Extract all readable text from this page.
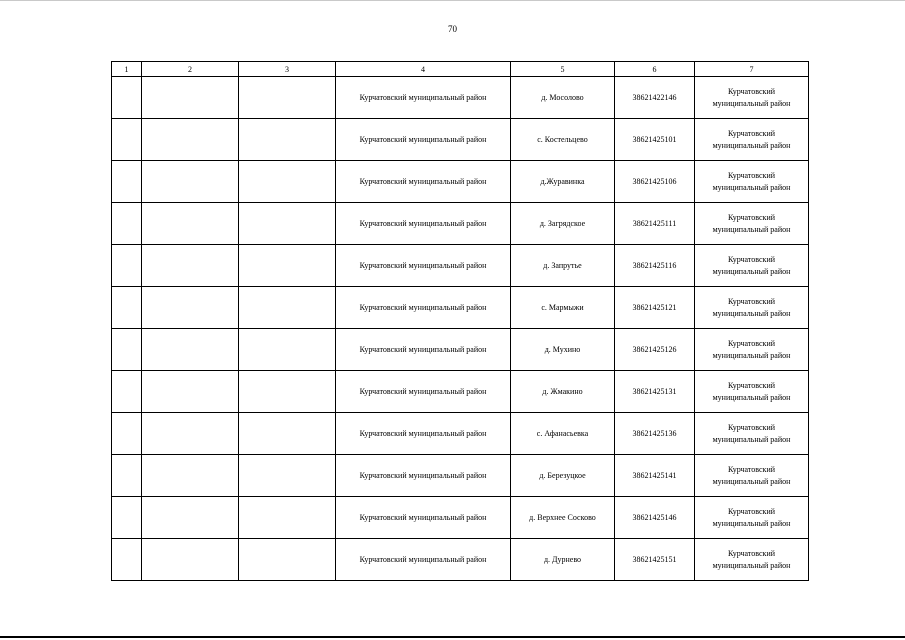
70
1	2	3	4	5	6	7
			Курчатовский муниципальный район	д. Мосолово	38621422146	Курчатовский
муниципальный район

			Курчатовский муниципальный район	с. Костельцево	38621425101	Курчатовский
муниципальный район

			Курчатовский муниципальный район	д.Журавинка	38621425106	Курчатовский
муниципальный район

			Курчатовский муниципальный район	д. Загрядское	38621425111	Курчатовский
муниципальный район

			Курчатовский муниципальный район	д. Запрутье	38621425116	Курчатовский
муниципальный район

			Курчатовский муниципальный район	с. Мармыжи	38621425121	Курчатовский
муниципальный район

			Курчатовский муниципальный район	д. Мухино	38621425126	Курчатовский
муниципальный район

			Курчатовский муниципальный район	д. Жмакино	38621425131	Курчатовский
муниципальный район

			Курчатовский муниципальный район	с. Афанасьевка	38621425136	Курчатовский
муниципальный район

			Курчатовский муниципальный район	д. Березуцкое	38621425141	Курчатовский
муниципальный район

			Курчатовский муниципальный район	д. Верхнее Сосково	38621425146	Курчатовский
муниципальный район

			Курчатовский муниципальный район	д. Дурнево	38621425151	Курчатовский
муниципальный район
